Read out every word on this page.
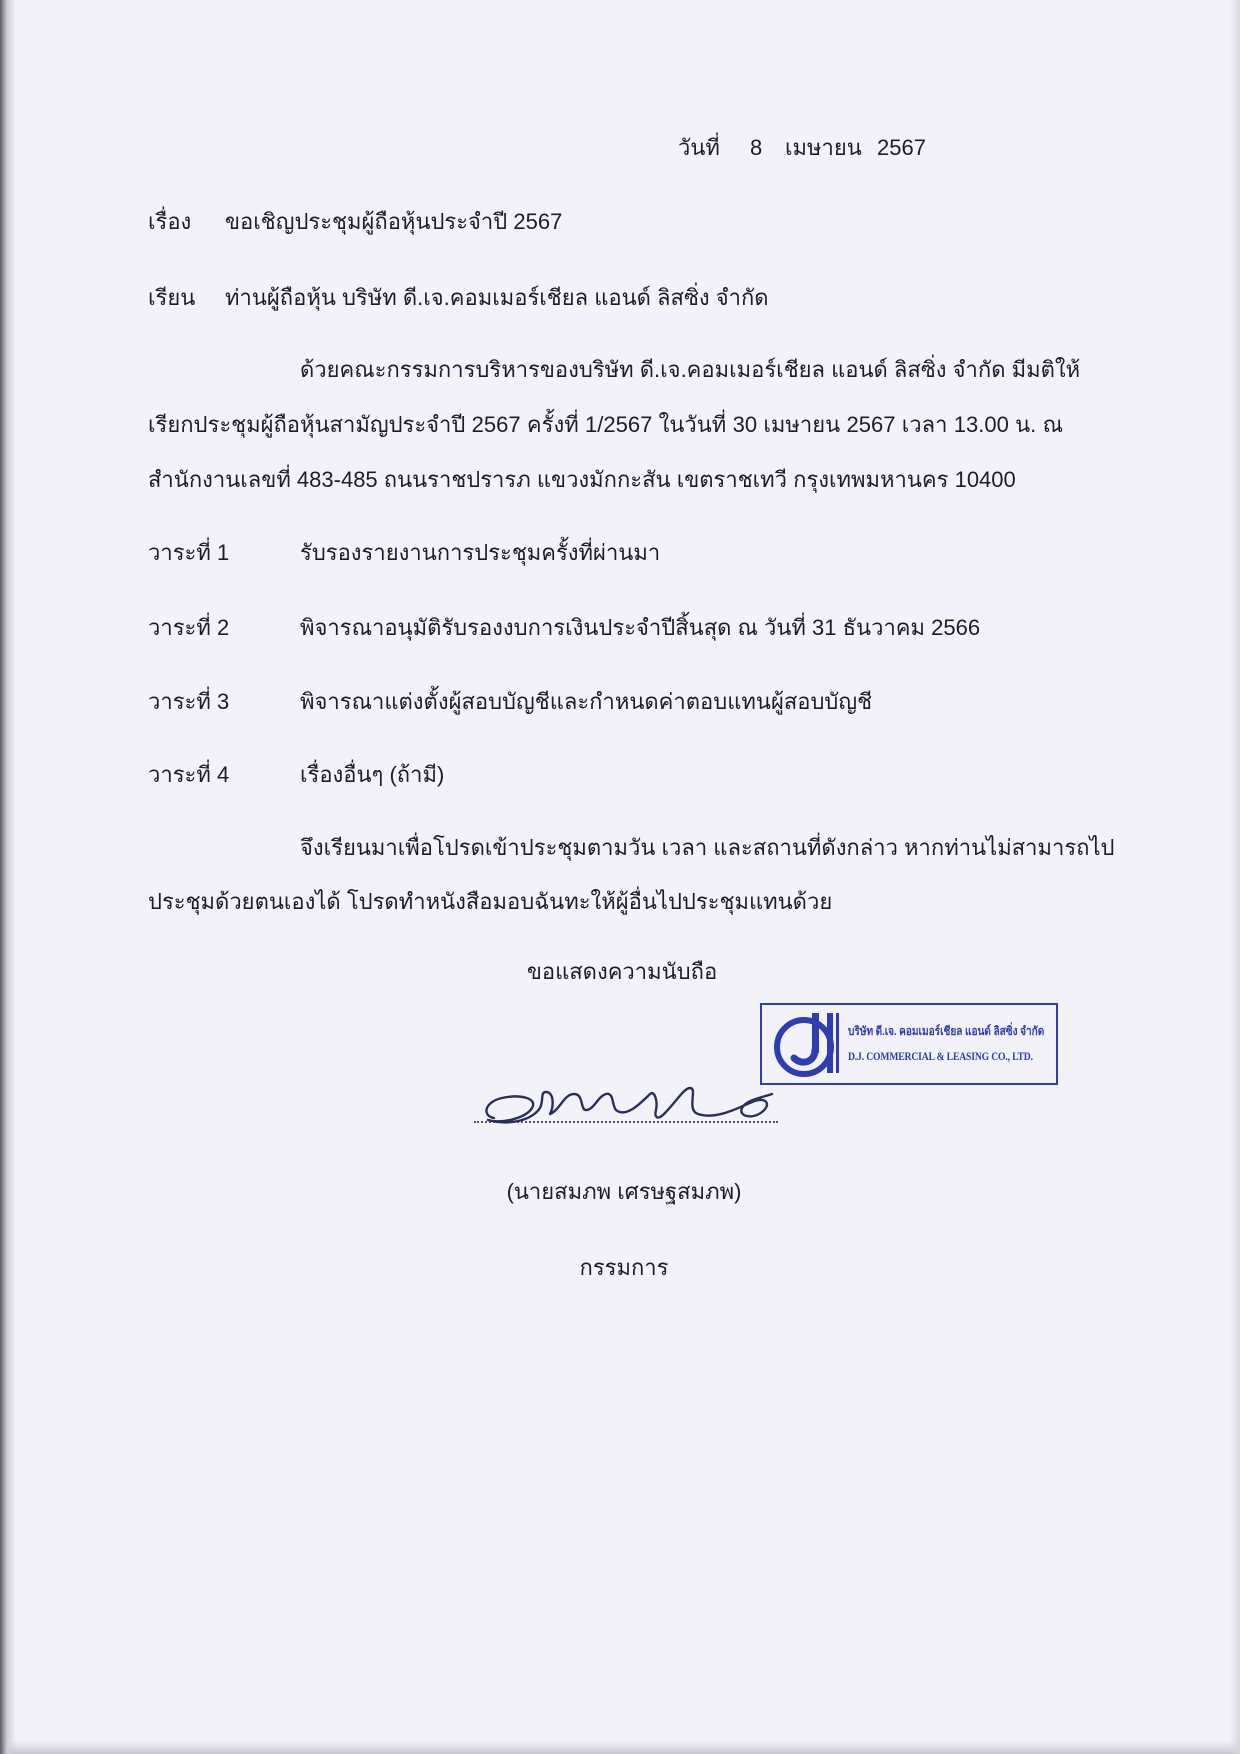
วันที่ 8 เมษายน 2567
เรื่อง ขอเชิญประชุมผู้ถือหุ้นประจำปี 2567
เรียน ท่านผู้ถือหุ้น บริษัท ดี.เจ.คอมเมอร์เชียล แอนด์ ลิสซิ่ง จำกัด
ด้วยคณะกรรมการบริหารของบริษัท ดี.เจ.คอมเมอร์เชียล แอนด์ ลิสซิ่ง จำกัด มีมติให้
เรียกประชุมผู้ถือหุ้นสามัญประจำปี 2567 ครั้งที่ 1/2567 ในวันที่ 30 เมษายน 2567 เวลา 13.00 น. ณ
สำนักงานเลขที่ 483-485 ถนนราชปรารภ แขวงมักกะสัน เขตราชเทวี กรุงเทพมหานคร 10400
วาระที่ 1	รับรองรายงานการประชุมครั้งที่ผ่านมา
วาระที่ 2	พิจารณาอนุมัติรับรองงบการเงินประจำปีสิ้นสุด ณ วันที่ 31 ธันวาคม 2566
วาระที่ 3	พิจารณาแต่งตั้งผู้สอบบัญชีและกำหนดค่าตอบแทนผู้สอบบัญชี
วาระที่ 4	เรื่องอื่นๆ (ถ้ามี)
จึงเรียนมาเพื่อโปรดเข้าประชุมตามวัน เวลา และสถานที่ดังกล่าว หากท่านไม่สามารถไป
ประชุมด้วยตนเองได้ โปรดทำหนังสือมอบฉันทะให้ผู้อื่นไปประชุมแทนด้วย
ขอแสดงความนับถือ
บริษัท ดี.เจ. คอมเมอร์เชียล แอนด์ ลิสซิ่ง จำกัด
D.J. COMMERCIAL & LEASING CO., LTD.
(นายสมภพ เศรษฐสมภพ)
กรรมการ
